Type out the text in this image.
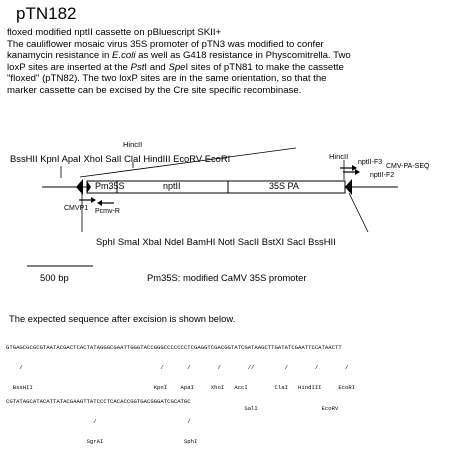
pTN182
floxed modified nptII cassette on pBluescript SKII+
The cauliflower mosaic virus 35S promoter of pTN3 was modified to confer
kanamycin resistance in E.coli as well as G418 resistance in Physcomitrella. Two
loxP sites are inserted at the PstI and SpeI sites of pTN81 to make the cassette
"floxed" (pTN82). The two loxP sites are in the same orientation, so that the
marker cassette can be excised by the Cre site specific recombinase.
BssHII KpnI ApaI XhoI SalI ClaI HindIII EcoRV EcoRI
HincII
HincII
Pm35S	nptII	35S PA
nptII-F3
CMV-PA-SEQ
nptII-F2
CMVP1 Pcmv-R
SphI SmaI XbaI NdeI BamHI NotI SacII BstXI SacI BssHII
500 bp	Pm35S: modified CaMV 35S promoter
The expected sequence after excision is shown below.

GTGAGCGCGCGTAATACGACTCACTATAGGGCGAATTGGGTACCGGGCCCCCCCTCGAGGTCGACGGTATCGATAAGCTTGATATCGAATTCCATAACTT

/                                         /       /        /        //         /        /        /

BssHII                                    KpnI    ApaI     XhoI   AccI        ClaI   HindIII     EcoRI

SalI                   EcoRV

CGTATAGCATACATTATACGAAGTTATCCCTCACACCGGTGACGGGATCGCATGC

/                           /

SgrAI                        SphI
